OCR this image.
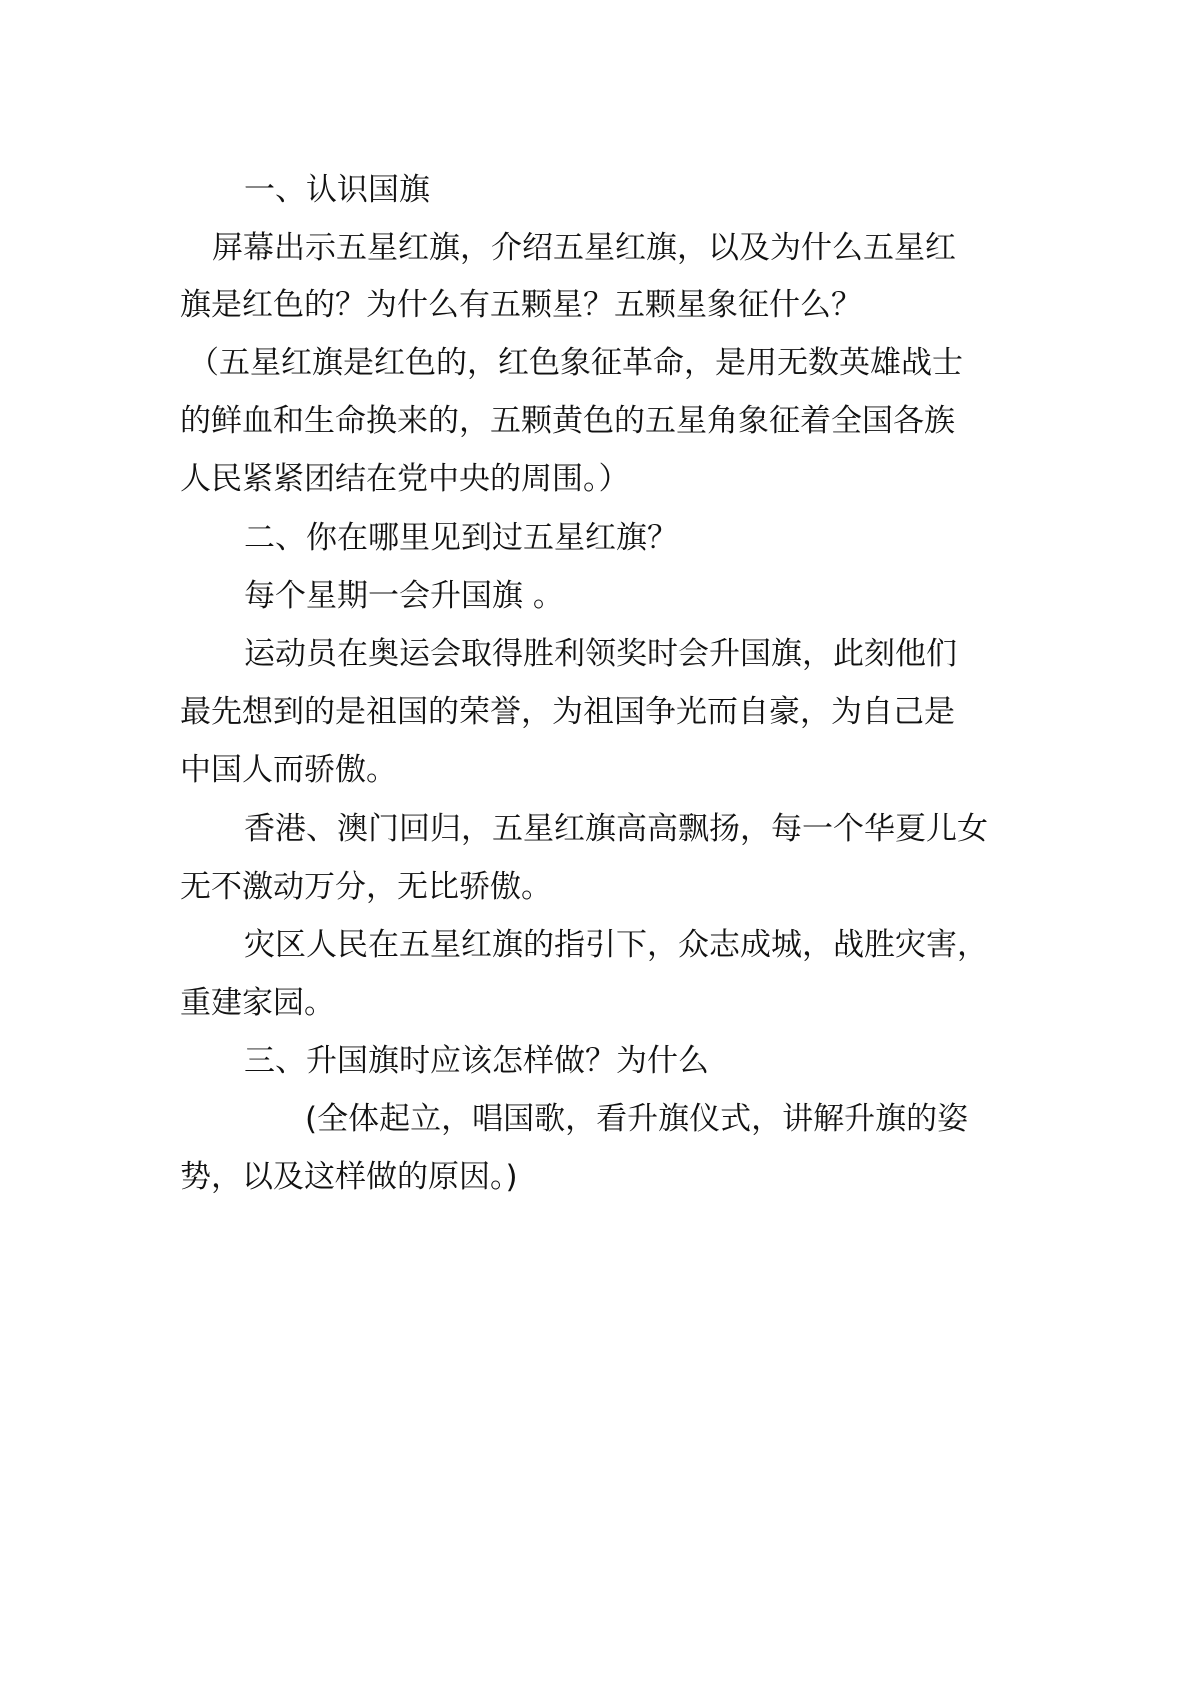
一、认识国旗
屏幕出示五星红旗，介绍五星红旗，以及为什么五星红
旗是红色的？为什么有五颗星？五颗星象征什么？
（五星红旗是红色的，红色象征革命，是用无数英雄战士
的鲜血和生命换来的，五颗黄色的五星角象征着全国各族
人民紧紧团结在党中央的周围。）
二、你在哪里见到过五星红旗？
每个星期一会升国旗 。
运动员在奥运会取得胜利领奖时会升国旗，此刻他们
最先想到的是祖国的荣誉，为祖国争光而自豪，为自己是
中国人而骄傲。
香港、澳门回归，五星红旗高高飘扬，每一个华夏儿女
无不激动万分，无比骄傲。
灾区人民在五星红旗的指引下，众志成城，战胜灾害，
重建家园。
三、升国旗时应该怎样做？为什么
(全体起立，唱国歌，看升旗仪式，讲解升旗的姿
势，以及这样做的原因。)
